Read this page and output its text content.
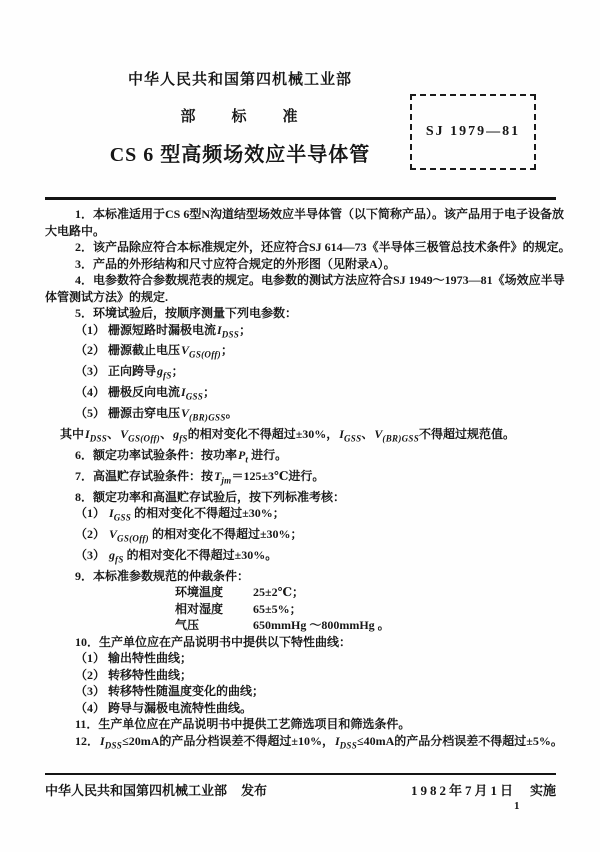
中华人民共和国第四机械工业部
部　　标　　准
SJ 1979—81
CS 6 型高频场效应半导体管
1．本标准适用于CS 6型N沟道结型场效应半导体管（以下简称产品）。该产品用于电子设备放
大电路中。
2．该产品除应符合本标准规定外，还应符合SJ 614—73《半导体三极管总技术条件》的规定。
3．产品的外形结构和尺寸应符合规定的外形图（见附录A）。
4．电参数符合参数规范表的规定。电参数的测试方法应符合SJ 1949～1973—81《场效应半导
体管测试方法》的规定.
5．环境试验后，按顺序测量下列电参数：
（1） 栅源短路时漏极电流$I_{DSS}$；
（2） 栅源截止电压$V_{GS(Off)}$；
（3） 正向跨导$g_{fS}$；
（4） 栅极反向电流$I_{GSS}$；
（5） 栅源击穿电压$V_{(BR)GSS}$。
其中$I_{DSS}$、$V_{GS(Off)}$、$g_{fS}$的相对变化不得超过±30%，$I_{GSS}$、$V_{(BR)GSS}$不得超过规范值。
6．额定功率试验条件：按功率$P_t$ 进行。
7．高温贮存试验条件：按$T_{jm}=125\pm 3℃$进行。
8．额定功率和高温贮存试验后，按下列标准考核：
（1） $I_{GSS}$ 的相对变化不得超过±30%；
（2） $V_{GS(Off)}$ 的相对变化不得超过±30%；
（3） $g_{fS}$ 的相对变化不得超过±30%。
9．本标准参数规范的仲裁条件：
环境温度 25±2℃；
相对湿度 65±5%；
气压	650mmHg ～800mmHg 。
10．生产单位应在产品说明书中提供以下特性曲线：
（1） 输出特性曲线；
（2） 转移特性曲线；
（3） 转移特性随温度变化的曲线；
（4） 跨导与漏极电流特性曲线。
11．生产单位应在产品说明书中提供工艺筛选项目和筛选条件。
12．$I_{DSS}\le 20mA$的产品分档误差不得超过±10%，$I_{DSS}\le 40mA$的产品分档误差不得超过±5%。
中华人民共和国第四机械工业部 发布	1982年7月1日 实施
1
